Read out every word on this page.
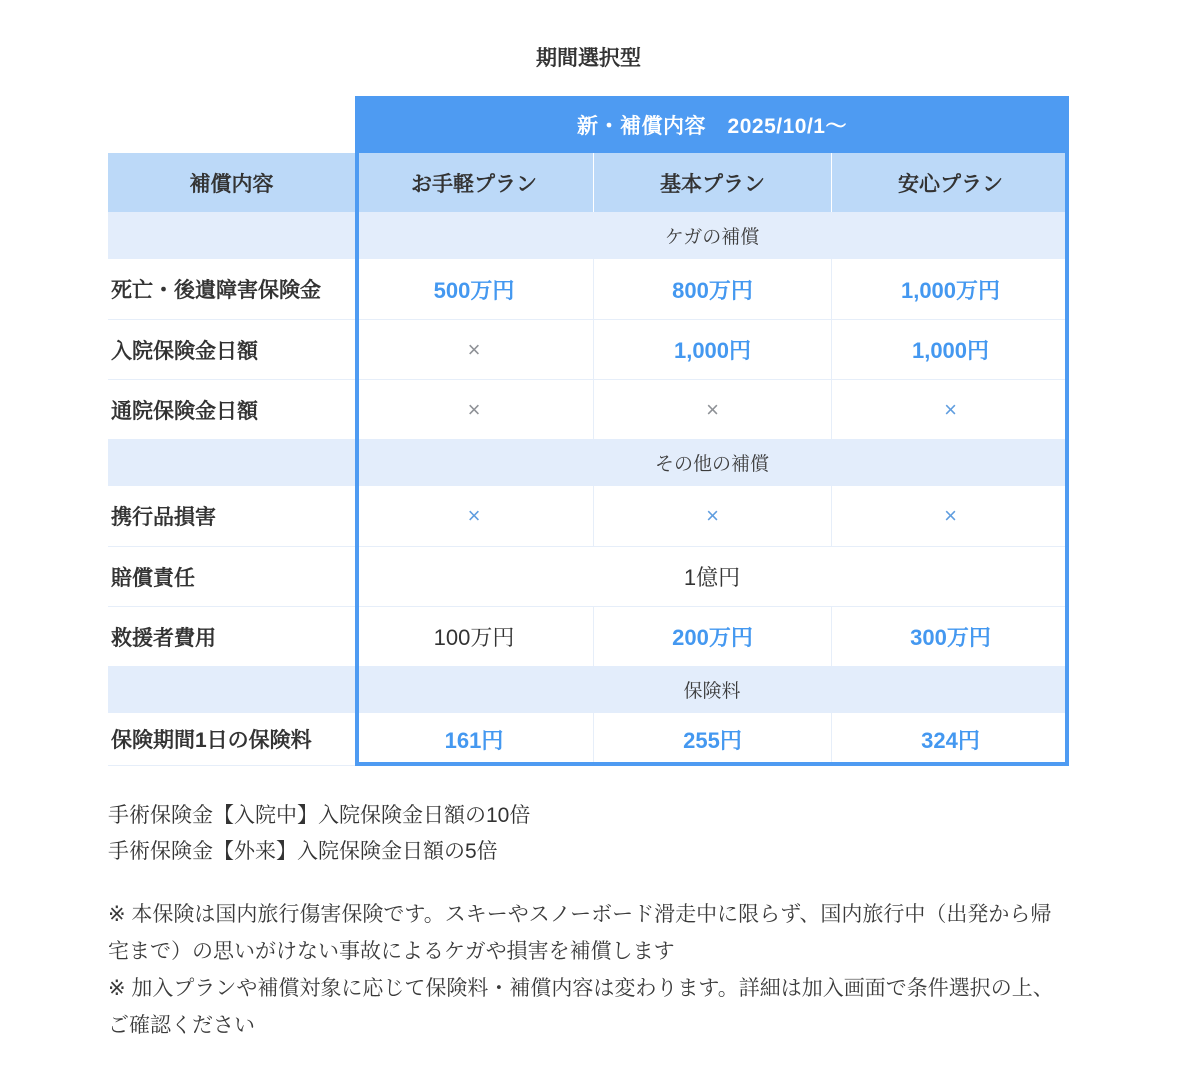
期間選択型
新・補償内容　2025/10/1〜
補償内容	お手軽プラン	基本プラン	安心プラン
ケガの補償
死亡・後遺障害保険金	500万円	800万円	1,000万円
入院保険金日額	×	1,000円	1,000円
通院保険金日額	×	×	×
その他の補償
携行品損害	×	×	×
賠償責任	1億円
救援者費用	100万円	200万円	300万円
保険料
保険期間1日の保険料	161円	255円	324円
手術保険金【入院中】入院保険金日額の10倍
手術保険金【外来】入院保険金日額の5倍
※ 本保険は国内旅行傷害保険です。スキーやスノーボード滑走中に限らず、国内旅行中（出発から帰宅まで）の思いがけない事故によるケガや損害を補償します
※ 加入プランや補償対象に応じて保険料・補償内容は変わります。詳細は加入画面で条件選択の上、ご確認ください
